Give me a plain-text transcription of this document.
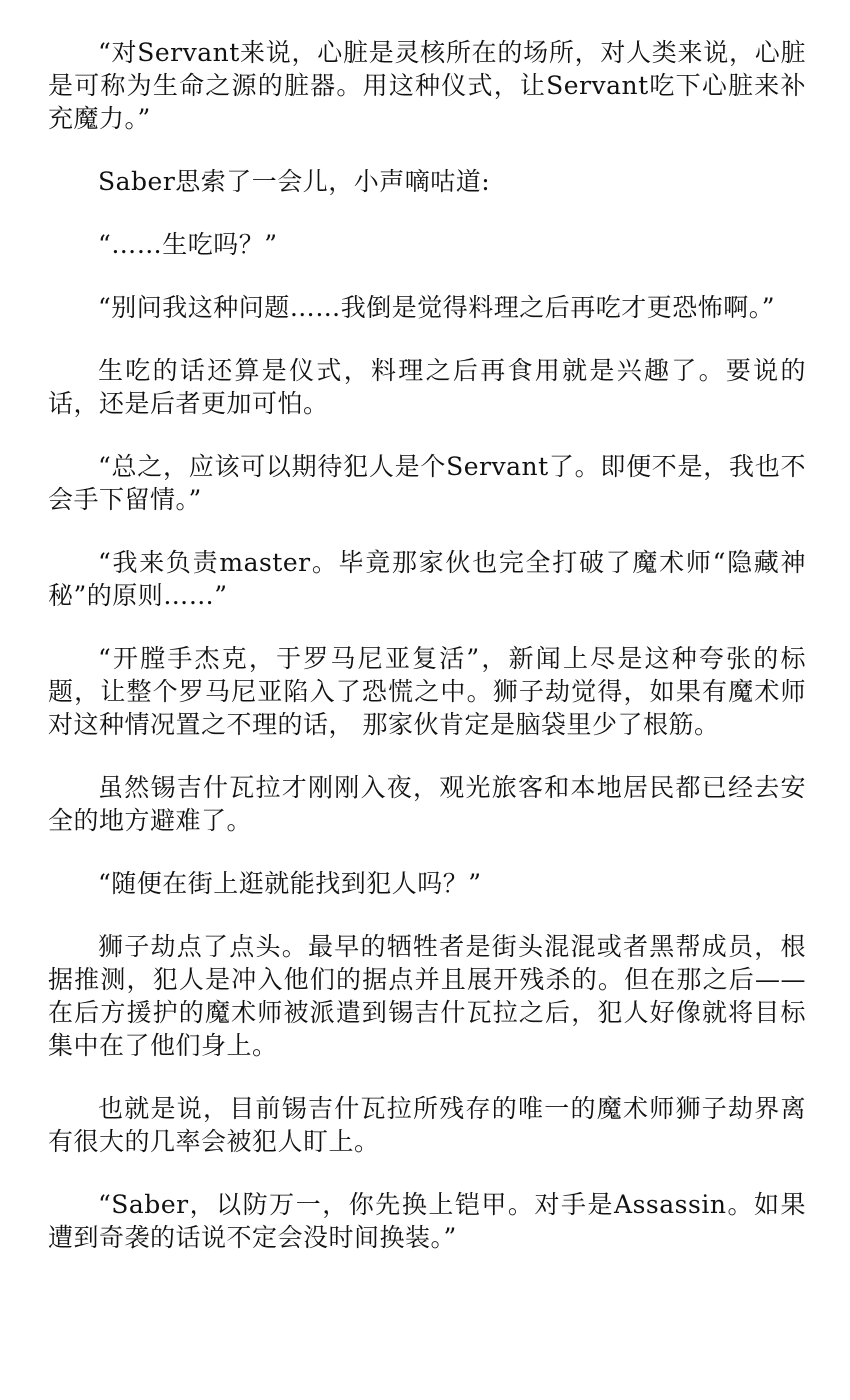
“对Servant来说，心脏是灵核所在的场所，对人类来说，心脏是可称为生命之源的脏器。用这种仪式，让Servant吃下心脏来补充魔力。”

Saber思索了一会儿，小声嘀咕道:

“……生吃吗？”

“别问我这种问题……我倒是觉得料理之后再吃才更恐怖啊。”

生吃的话还算是仪式，料理之后再食用就是兴趣了。要说的话，还是后者更加可怕。

“总之，应该可以期待犯人是个Servant了。即便不是，我也不会手下留情。”

“我来负责master。毕竟那家伙也完全打破了魔术师“隐藏神秘”的原则……”

“开膛手杰克，于罗马尼亚复活”，新闻上尽是这种夸张的标题，让整个罗马尼亚陷入了恐慌之中。狮子劫觉得，如果有魔术师对这种情况置之不理的话， 那家伙肯定是脑袋里少了根筋。

虽然锡吉什瓦拉才刚刚入夜，观光旅客和本地居民都已经去安全的地方避难了。

“随便在街上逛就能找到犯人吗？”

狮子劫点了点头。最早的牺牲者是街头混混或者黑帮成员，根据推测，犯人是冲入他们的据点并且展开残杀的。但在那之后——在后方援护的魔术师被派遣到锡吉什瓦拉之后，犯人好像就将目标集中在了他们身上。

也就是说，目前锡吉什瓦拉所残存的唯一的魔术师狮子劫界离有很大的几率会被犯人盯上。

“Saber，以防万一，你先换上铠甲。对手是Assassin。如果遭到奇袭的话说不定会没时间换装。”
